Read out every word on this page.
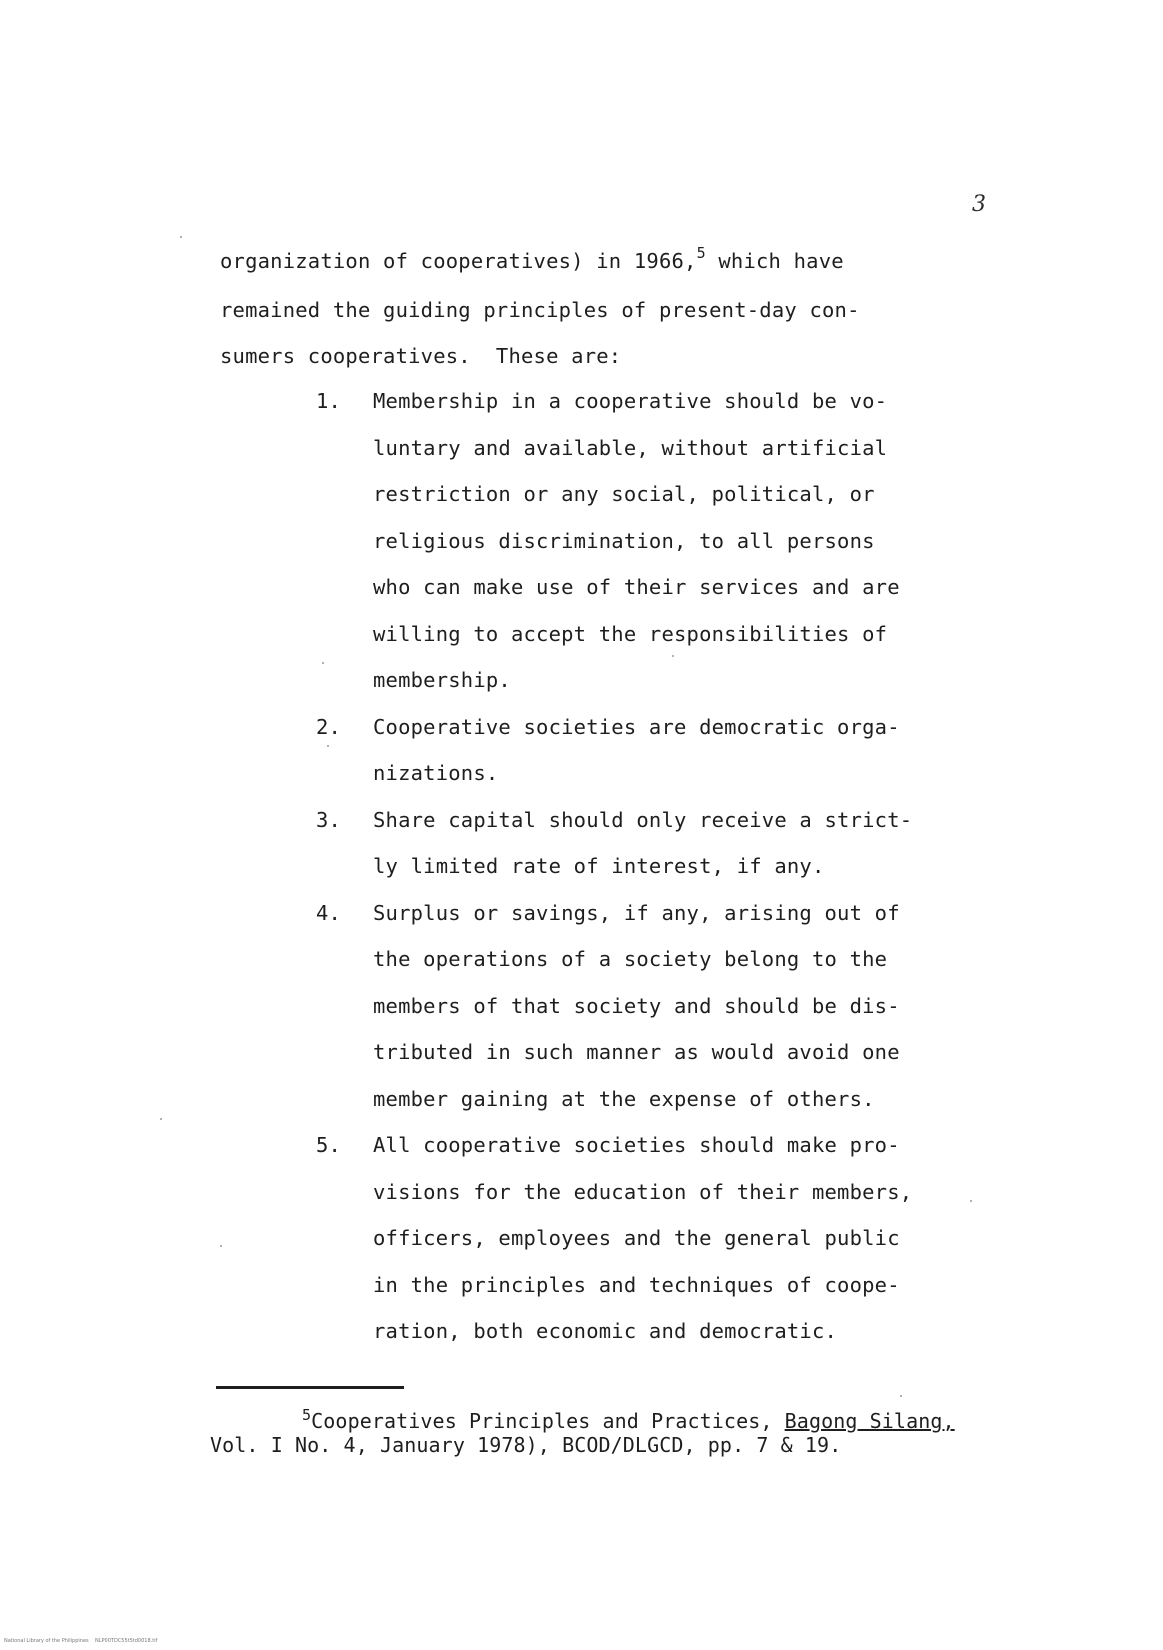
3
organization of cooperatives) in 1966,$^5$ which have
remained the guiding principles of present-day con-
sumers cooperatives.  These are:
1.	Membership in a cooperative should be vo-
luntary and available, without artificial
restriction or any social, political, or
religious discrimination, to all persons
who can make use of their services and are
willing to accept the responsibilities of
membership.
2.	Cooperative societies are democratic orga-
nizations.
3.	Share capital should only receive a strict-
ly limited rate of interest, if any.
4.	Surplus or savings, if any, arising out of
the operations of a society belong to the
members of that society and should be dis-
tributed in such manner as would avoid one
member gaining at the expense of others.
5.	All cooperative societies should make pro-
visions for the education of their members,
officers, employees and the general public
in the principles and techniques of coope-
ration, both economic and democratic.
$^5$Cooperatives Principles and Practices, Bagong Silang, Vol. I No. 4, January 1978), BCOD/DLGCD, pp. 7 & 19.
National Library of the Philippines    NLP00TDC55t5td0018.tif
